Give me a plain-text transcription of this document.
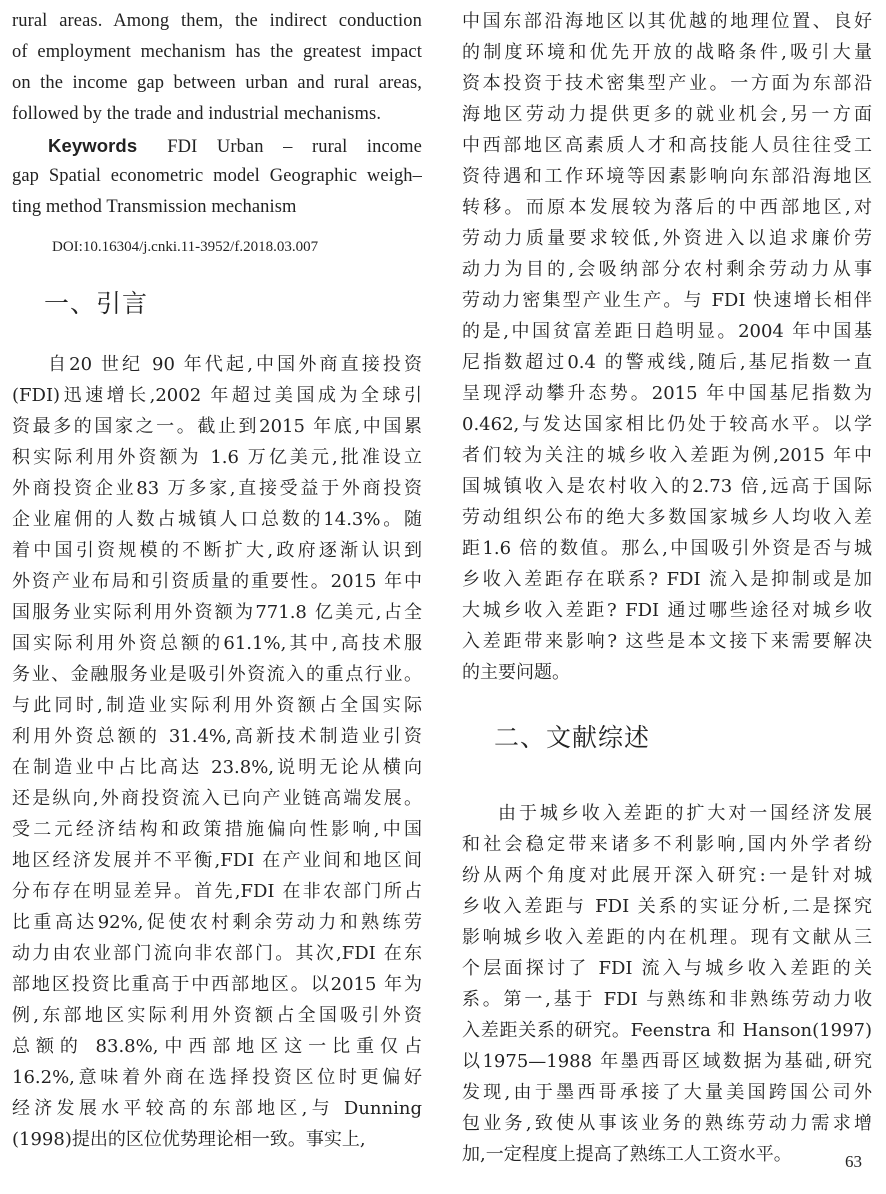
rural areas. Among them, the indirect conduction
of employment mechanism has the greatest impact
on the income gap between urban and rural areas,
followed by the trade and industrial mechanisms.
Keywords FDI Urban – rural income
gap Spatial econometric model Geographic weigh–
ting method Transmission mechanism
DOI:10.16304/j.cnki.11-3952/f.2018.03.007
一、引言
自20 世纪 90 年代起,中国外商直接投资
(FDI)迅速增长,2002 年超过美国成为全球引
资最多的国家之一。截止到2015 年底,中国累
积实际利用外资额为 1.6 万亿美元,批准设立
外商投资企业83 万多家,直接受益于外商投资
企业雇佣的人数占城镇人口总数的14.3%。随
着中国引资规模的不断扩大,政府逐渐认识到
外资产业布局和引资质量的重要性。2015 年中
国服务业实际利用外资额为771.8 亿美元,占全
国实际利用外资总额的61.1%,其中,高技术服
务业、金融服务业是吸引外资流入的重点行业。
与此同时,制造业实际利用外资额占全国实际
利用外资总额的 31.4%,高新技术制造业引资
在制造业中占比高达 23.8%,说明无论从横向
还是纵向,外商投资流入已向产业链高端发展。
受二元经济结构和政策措施偏向性影响,中国
地区经济发展并不平衡,FDI 在产业间和地区间
分布存在明显差异。首先,FDI 在非农部门所占
比重高达92%,促使农村剩余劳动力和熟练劳
动力由农业部门流向非农部门。其次,FDI 在东
部地区投资比重高于中西部地区。以2015 年为
例,东部地区实际利用外资额占全国吸引外资
总额的 83.8%,中西部地区这一比重仅占
16.2%,意味着外商在选择投资区位时更偏好
经济发展水平较高的东部地区,与 Dunning
(1998)提出的区位优势理论相一致。事实上,
中国东部沿海地区以其优越的地理位置、良好
的制度环境和优先开放的战略条件,吸引大量
资本投资于技术密集型产业。一方面为东部沿
海地区劳动力提供更多的就业机会,另一方面
中西部地区高素质人才和高技能人员往往受工
资待遇和工作环境等因素影响向东部沿海地区
转移。而原本发展较为落后的中西部地区,对
劳动力质量要求较低,外资进入以追求廉价劳
动力为目的,会吸纳部分农村剩余劳动力从事
劳动力密集型产业生产。与 FDI 快速增长相伴
的是,中国贫富差距日趋明显。2004 年中国基
尼指数超过0.4 的警戒线,随后,基尼指数一直
呈现浮动攀升态势。2015 年中国基尼指数为
0.462,与发达国家相比仍处于较高水平。以学
者们较为关注的城乡收入差距为例,2015 年中
国城镇收入是农村收入的2.73 倍,远高于国际
劳动组织公布的绝大多数国家城乡人均收入差
距1.6 倍的数值。那么,中国吸引外资是否与城
乡收入差距存在联系? FDI 流入是抑制或是加
大城乡收入差距? FDI 通过哪些途径对城乡收
入差距带来影响? 这些是本文接下来需要解决
的主要问题。
二、文献综述
由于城乡收入差距的扩大对一国经济发展
和社会稳定带来诸多不利影响,国内外学者纷
纷从两个角度对此展开深入研究:一是针对城
乡收入差距与 FDI 关系的实证分析,二是探究
影响城乡收入差距的内在机理。现有文献从三
个层面探讨了 FDI 流入与城乡收入差距的关
系。第一,基于 FDI 与熟练和非熟练劳动力收
入差距关系的研究。Feenstra 和 Hanson(1997)
以1975—1988 年墨西哥区域数据为基础,研究
发现,由于墨西哥承接了大量美国跨国公司外
包业务,致使从事该业务的熟练劳动力需求增
加,一定程度上提高了熟练工人工资水平。	63
